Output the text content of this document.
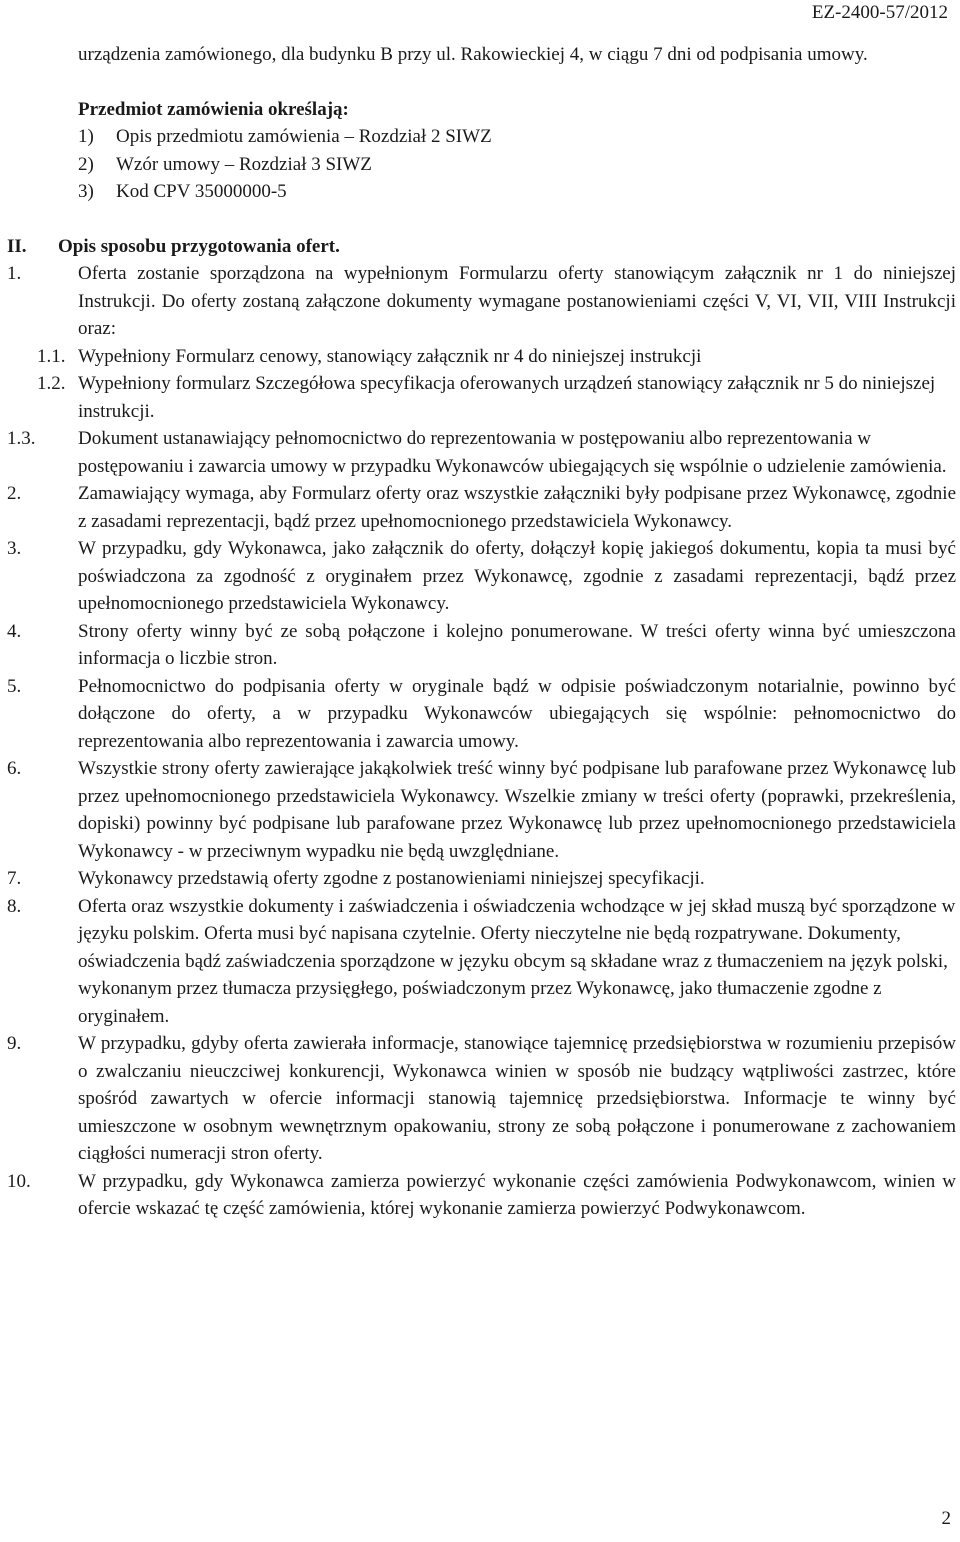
EZ-2400-57/2012
urządzenia zamówionego, dla budynku B przy ul. Rakowieckiej 4, w ciągu 7 dni od podpisania umowy.
Przedmiot zamówienia określają:
1)	Opis przedmiotu zamówienia – Rozdział 2 SIWZ
2)	Wzór umowy – Rozdział 3 SIWZ
3)	Kod CPV 35000000-5
II.	Opis sposobu przygotowania ofert.
1.	Oferta zostanie sporządzona na wypełnionym Formularzu oferty stanowiącym załącznik nr 1 do niniejszej Instrukcji. Do oferty zostaną załączone dokumenty wymagane postanowieniami części V, VI, VII, VIII Instrukcji oraz:
1.1. Wypełniony Formularz cenowy, stanowiący załącznik nr 4 do niniejszej instrukcji
1.2. Wypełniony formularz Szczegółowa specyfikacja oferowanych urządzeń stanowiący załącznik nr 5 do niniejszej instrukcji.
1.3.	Dokument ustanawiający pełnomocnictwo do reprezentowania w postępowaniu albo reprezentowania w postępowaniu i zawarcia umowy w przypadku Wykonawców ubiegających się wspólnie o udzielenie zamówienia.
2.	Zamawiający wymaga, aby Formularz oferty oraz wszystkie załączniki były podpisane przez Wykonawcę, zgodnie z zasadami reprezentacji, bądź przez upełnomocnionego przedstawiciela Wykonawcy.
3.	W przypadku, gdy Wykonawca, jako załącznik do oferty, dołączył kopię jakiegoś dokumentu, kopia ta musi być poświadczona za zgodność z oryginałem przez Wykonawcę, zgodnie z zasadami reprezentacji, bądź przez upełnomocnionego przedstawiciela Wykonawcy.
4.	Strony oferty winny być ze sobą połączone i kolejno ponumerowane. W treści oferty winna być umieszczona informacja o liczbie stron.
5.	Pełnomocnictwo do podpisania oferty w oryginale bądź w odpisie poświadczonym notarialnie, powinno być dołączone do oferty, a w przypadku Wykonawców ubiegających się wspólnie: pełnomocnictwo do reprezentowania albo reprezentowania i zawarcia umowy.
6.	Wszystkie strony oferty zawierające jakąkolwiek treść winny być podpisane lub parafowane przez Wykonawcę lub przez upełnomocnionego przedstawiciela Wykonawcy. Wszelkie zmiany w treści oferty (poprawki, przekreślenia, dopiski) powinny być podpisane lub parafowane przez Wykonawcę lub przez upełnomocnionego przedstawiciela Wykonawcy - w przeciwnym wypadku nie będą uwzględniane.
7.	Wykonawcy przedstawią oferty zgodne z postanowieniami niniejszej specyfikacji.
8.	Oferta oraz wszystkie dokumenty i zaświadczenia i oświadczenia wchodzące w jej skład muszą być sporządzone w języku polskim. Oferta musi być napisana czytelnie. Oferty nieczytelne nie będą rozpatrywane. Dokumenty, oświadczenia bądź zaświadczenia sporządzone w języku obcym są składane wraz z tłumaczeniem na język polski, wykonanym przez tłumacza przysięgłego, poświadczonym przez Wykonawcę, jako tłumaczenie zgodne z oryginałem.
9.	W przypadku, gdyby oferta zawierała informacje, stanowiące tajemnicę przedsiębiorstwa w rozumieniu przepisów o zwalczaniu nieuczciwej konkurencji, Wykonawca winien w sposób nie budzący wątpliwości zastrzec, które spośród zawartych w ofercie informacji stanowią tajemnicę przedsiębiorstwa. Informacje te winny być umieszczone w osobnym wewnętrznym opakowaniu, strony ze sobą połączone i ponumerowane z zachowaniem ciągłości numeracji stron oferty.
10.	W przypadku, gdy Wykonawca zamierza powierzyć wykonanie części zamówienia Podwykonawcom, winien w ofercie wskazać tę część zamówienia, której wykonanie zamierza powierzyć Podwykonawcom.
2
